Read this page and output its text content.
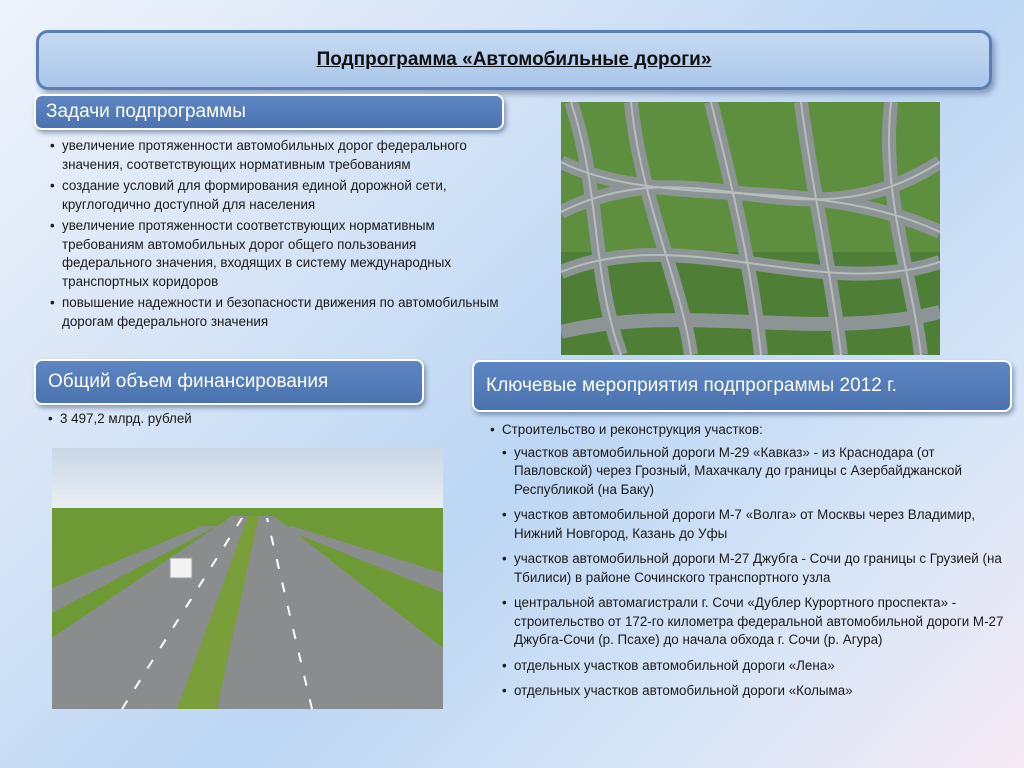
Подпрограмма «Автомобильные дороги»
Задачи подпрограммы
• увеличение протяженности автомобильных дорог федерального значения, соответствующих нормативным требованиям
• создание условий для формирования единой дорожной сети, круглогодично доступной для населения
• увеличение протяженности соответствующих нормативным требованиям автомобильных дорог общего пользования федерального значения, входящих в систему международных транспортных коридоров
• повышение надежности и безопасности движения по автомобильным дорогам федерального значения
Общий объем финансирования
• 3 497,2 млрд. рублей
Ключевые мероприятия подпрограммы 2012 г.
• Строительство и реконструкция участков:
• участков автомобильной дороги М-29 «Кавказ» - из Краснодара (от Павловской) через Грозный, Махачкалу до границы с Азербайджанской Республикой (на Баку)
• участков автомобильной дороги М-7 «Волга» от Москвы через Владимир, Нижний Новгород, Казань до Уфы
• участков автомобильной дороги М-27 Джубга - Сочи до границы с Грузией (на Тбилиси) в районе Сочинского транспортного узла
• центральной автомагистрали г. Сочи «Дублер Курортного проспекта» - строительство от 172-го километра федеральной автомобильной дороги М-27 Джубга-Сочи (р. Псахе) до начала обхода г. Сочи (р. Агура)
• отдельных участков автомобильной дороги «Лена»
• отдельных участков автомобильной дороги «Колыма»
